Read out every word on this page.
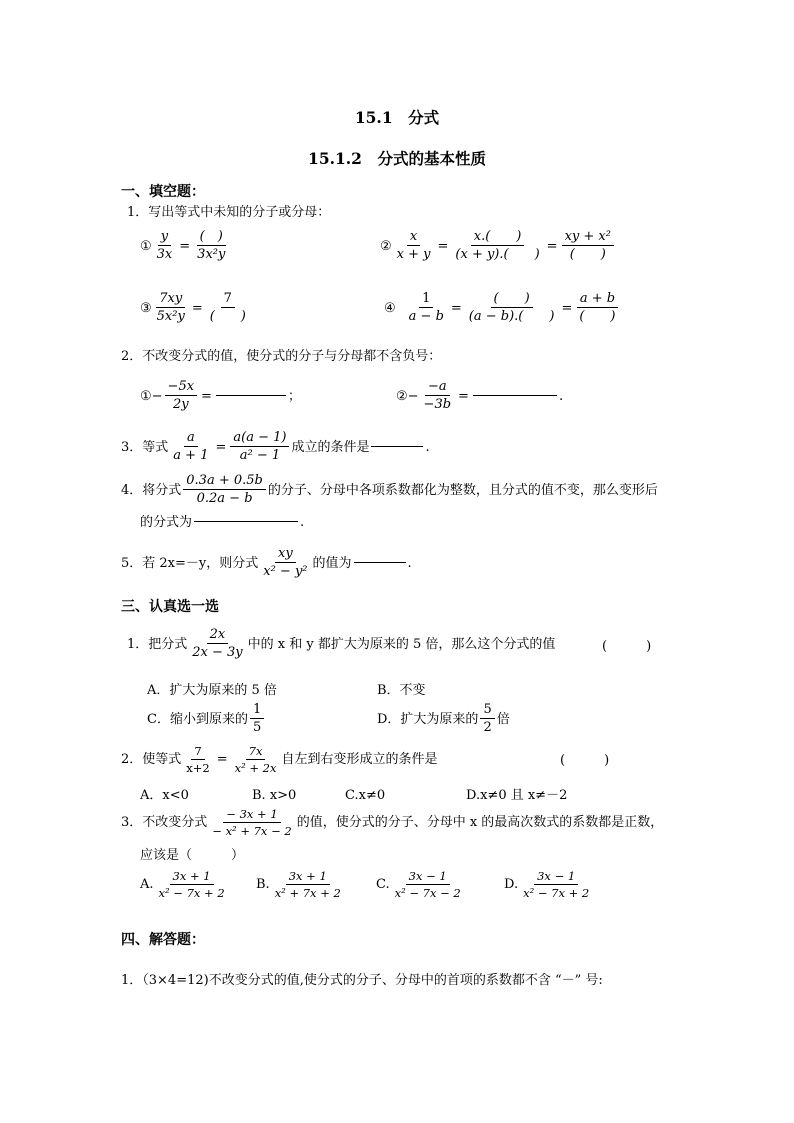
15.1　分式
15.1.2　分式的基本性质
一、填空题：
1．写出等式中未知的分子或分母：
① $\frac{y}{3x} = \frac{( )}{\text{3x²y}}$	② $\frac{x}{x + y} = \frac{x.( )}{(x + y).( )} = \frac{\text{xy + x²}}{( )}$
③ $\frac{7xy}{\text{5x²y}} = \frac{7}{( )}$	④ $\frac{1}{a - b} = \frac{( )}{(a - b).( )} = \frac{a + b}{( )}$
2．不改变分式的值，使分式的分子与分母都不含负号：
①− $\frac{-5x}{2y}$ =	；	②− $\frac{-a}{-3b}$ =	.
3．等式 $\frac{a}{a + 1} = \frac{a(a - 1)}{\text{a² − 1}}$ 成立的条件是	.
4．将分式 $\frac{0.3a + 0.5b}{0.2a - b}$ 的分子、分母中各项系数都化为整数，且分式的值不变，那么变形后
的分式为	.
5．若 2x=－y，则分式 $\frac{xy}{\text{x² − y²}}$ 的值为	.
三、认真选一选
1．把分式 $\frac{2x}{2x - 3y}$ 中的 x 和 y 都扩大为原来的 5 倍，那么这个分式的值	(　　　)
A．扩大为原来的 5 倍	B．不变
C．缩小到原来的 $\frac{1}{5}$	D．扩大为原来的 $\frac{5}{2}$ 倍
2．使等式 $\frac{7}{x+2} = \frac{7x}{\text{x² + 2x}}$ 自左到右变形成立的条件是	(　　　)
A．x<0	B. x>0	C.x≠0	D.x≠0 且 x≠－2
3．不改变分式 $\frac{- 3x + 1}{\text{− x² + 7x − 2}}$ 的值，使分式的分子、分母中 x 的最高次数式的系数都是正数，
应该是（　　　）
A. $\frac{3x + 1}{\text{x² − 7x + 2}} B$. $\frac{3x + 1}{\text{x² + 7x + 2}} C$. $\frac{3x - 1}{\text{x² − 7x − 2}}$	D. $\frac{3x - 1}{\text{x² − 7x + 2}}$
四、解答题：
1．（3×4=12)不改变分式的值,使分式的分子、分母中的首项的系数都不含 “－” 号:
